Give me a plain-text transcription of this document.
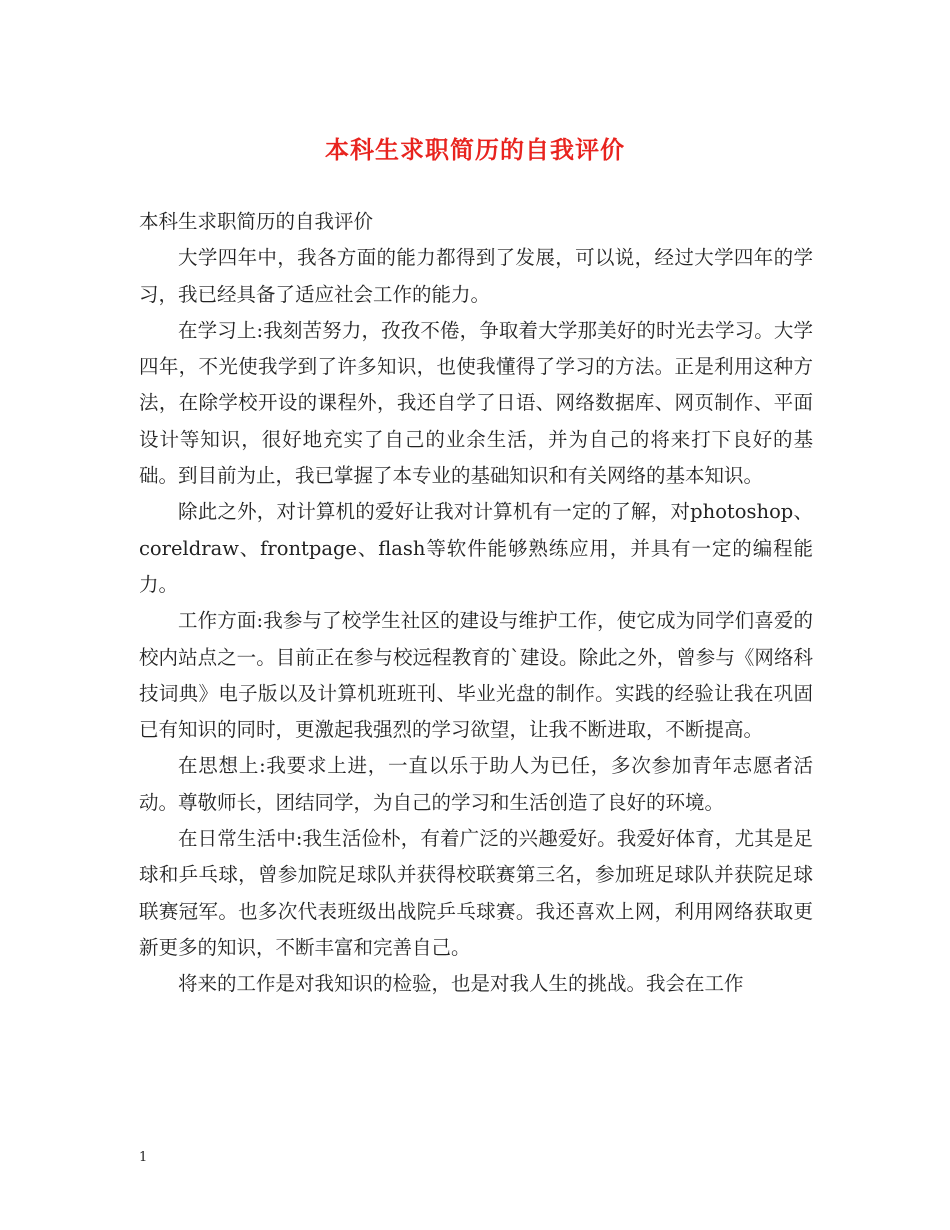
本科生求职简历的自我评价

本科生求职简历的自我评价

大学四年中，我各方面的能力都得到了发展，可以说，经过大学四年的学习，我已经具备了适应社会工作的能力。

在学习上:我刻苦努力，孜孜不倦，争取着大学那美好的时光去学习。大学四年，不光使我学到了许多知识，也使我懂得了学习的方法。正是利用这种方法，在除学校开设的课程外，我还自学了日语、网络数据库、网页制作、平面设计等知识，很好地充实了自己的业余生活，并为自己的将来打下良好的基础。到目前为止，我已掌握了本专业的基础知识和有关网络的基本知识。

除此之外，对计算机的爱好让我对计算机有一定的了解，对photoshop、coreldraw、frontpage、flash等软件能够熟练应用，并具有一定的编程能力。

工作方面:我参与了校学生社区的建设与维护工作，使它成为同学们喜爱的校内站点之一。目前正在参与校远程教育的`建设。除此之外，曾参与《网络科技词典》电子版以及计算机班班刊、毕业光盘的制作。实践的经验让我在巩固已有知识的同时，更激起我强烈的学习欲望，让我不断进取，不断提高。

在思想上:我要求上进，一直以乐于助人为已任，多次参加青年志愿者活动。尊敬师长，团结同学，为自己的学习和生活创造了良好的环境。

在日常生活中:我生活俭朴，有着广泛的兴趣爱好。我爱好体育，尤其是足球和乒乓球，曾参加院足球队并获得校联赛第三名，参加班足球队并获院足球联赛冠军。也多次代表班级出战院乒乓球赛。我还喜欢上网，利用网络获取更新更多的知识，不断丰富和完善自己。

将来的工作是对我知识的检验，也是对我人生的挑战。我会在工作

1
